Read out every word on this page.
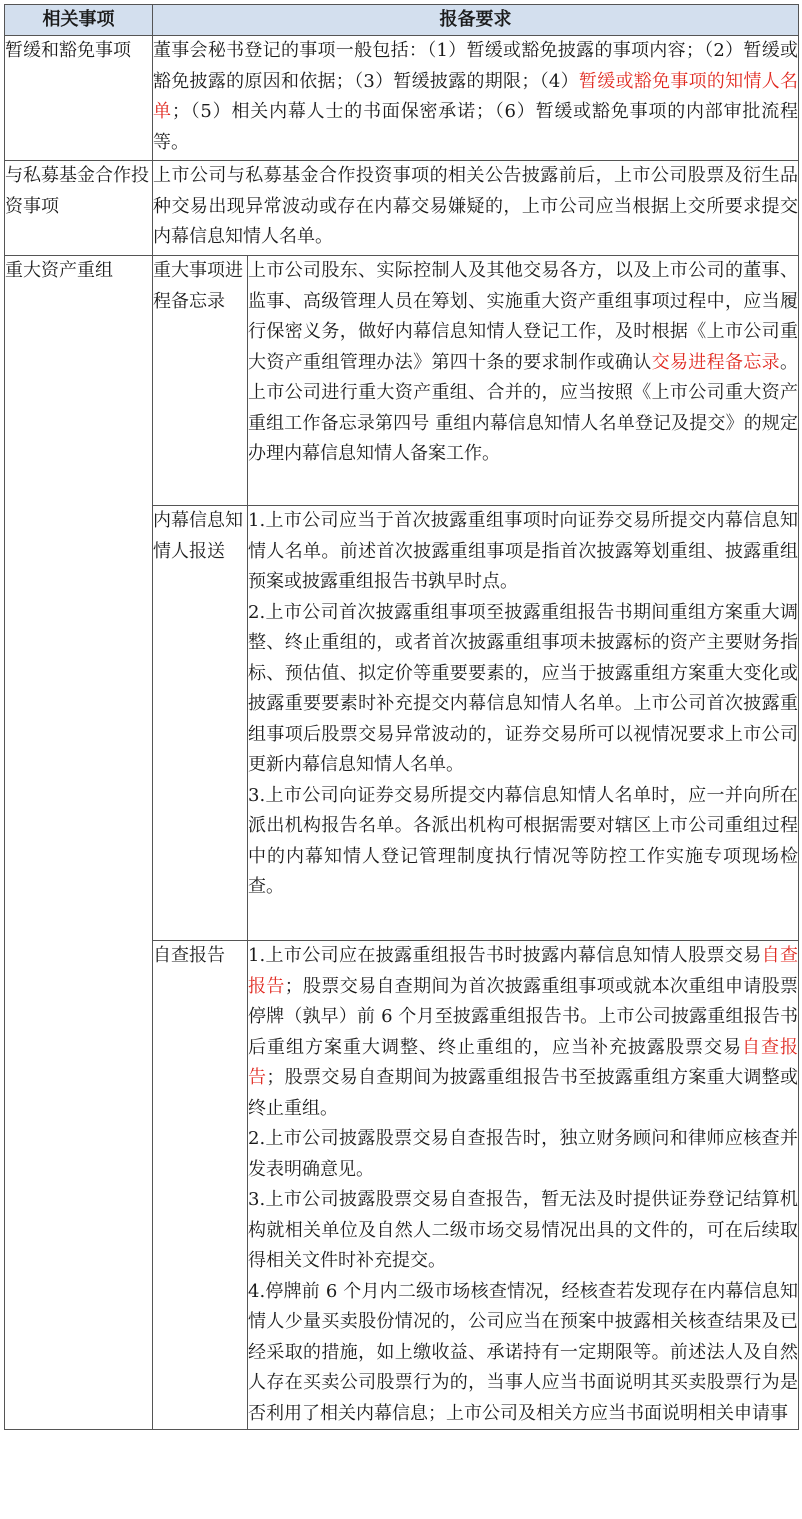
相关事项	报备要求	
暂缓和豁免事项	董事会秘书登记的事项一般包括：（1）暂缓或豁免披露的事项内容；（2）暂缓或豁免披露的原因和依据；（3）暂缓披露的期限；（4）暂缓或豁免事项的知情人名单；（5）相关内幕人士的书面保密承诺；（6）暂缓或豁免事项的内部审批流程等。	
与私募基金合作投资事项	上市公司与私募基金合作投资事项的相关公告披露前后，上市公司股票及衍生品种交易出现异常波动或存在内幕交易嫌疑的，上市公司应当根据上交所要求提交内幕信息知情人名单。	
重大资产重组	重大事项进程备忘录	上市公司股东、实际控制人及其他交易各方，以及上市公司的董事、监事、高级管理人员在筹划、实施重大资产重组事项过程中，应当履行保密义务，做好内幕信息知情人登记工作，及时根据《上市公司重大资产重组管理办法》第四十条的要求制作或确认交易进程备忘录。上市公司进行重大资产重组、合并的，应当按照《上市公司重大资产重组工作备忘录第四号 重组内幕信息知情人名单登记及提交》的规定办理内幕信息知情人备案工作。
	内幕信息知情人报送	1.上市公司应当于首次披露重组事项时向证券交易所提交内幕信息知情人名单。前述首次披露重组事项是指首次披露筹划重组、披露重组预案或披露重组报告书孰早时点。

2.上市公司首次披露重组事项至披露重组报告书期间重组方案重大调整、终止重组的，或者首次披露重组事项未披露标的资产主要财务指标、预估值、拟定价等重要要素的，应当于披露重组方案重大变化或披露重要要素时补充提交内幕信息知情人名单。上市公司首次披露重组事项后股票交易异常波动的，证券交易所可以视情况要求上市公司更新内幕信息知情人名单。

3.上市公司向证券交易所提交内幕信息知情人名单时，应一并向所在派出机构报告名单。各派出机构可根据需要对辖区上市公司重组过程中的内幕知情人登记管理制度执行情况等防控工作实施专项现场检查。

	自查报告	1.上市公司应在披露重组报告书时披露内幕信息知情人股票交易自查报告；股票交易自查期间为首次披露重组事项或就本次重组申请股票停牌（孰早）前 6 个月至披露重组报告书。上市公司披露重组报告书后重组方案重大调整、终止重组的，应当补充披露股票交易自查报告；股票交易自查期间为披露重组报告书至披露重组方案重大调整或终止重组。

2.上市公司披露股票交易自查报告时，独立财务顾问和律师应核查并发表明确意见。

3.上市公司披露股票交易自查报告，暂无法及时提供证券登记结算机构就相关单位及自然人二级市场交易情况出具的文件的，可在后续取得相关文件时补充提交。

4.停牌前 6 个月内二级市场核查情况，经核查若发现存在内幕信息知情人少量买卖股份情况的，公司应当在预案中披露相关核查结果及已经采取的措施，如上缴收益、承诺持有一定期限等。前述法人及自然人存在买卖公司股票行为的，当事人应当书面说明其买卖股票行为是否利用了相关内幕信息；上市公司及相关方应当书面说明相关申请事
